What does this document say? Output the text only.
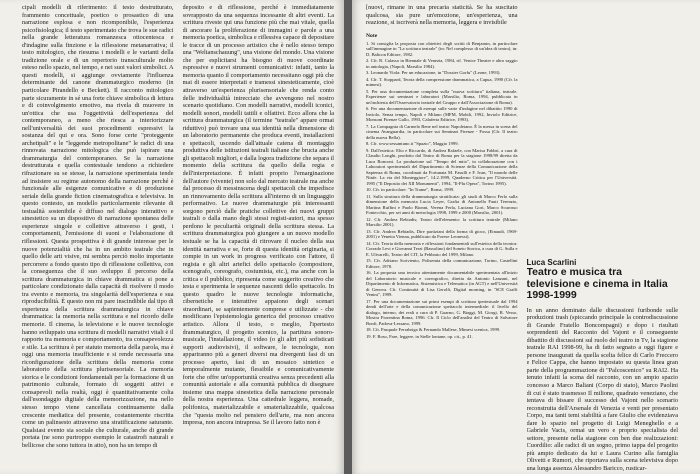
cipali modelli di riferimento: il testo destrutturato, frammento concettuale, poetico o prosastico di una narrazione esplosa e non ricomponibile, l'esperienza psicofisiologica; il testo sperimentato che trova le sue radici nella grande letteratura romanzesca ottocentesca e d'indagine sulla finzione e la riflessione metanarrativa; il testo mitologico, che riesuma i modelli e le varianti della tradizione orale e di un repertorio transculturale molto esteso nello spazio, nel tempo, e nei suoi valori simbolici. A questi modelli, si aggiunge ovviamente l'influenza determinante del canone drammaturgico moderno (in particolare Pirandello e Beckett). Il racconto mitologico parte sicuramente in sé una forte chiave simbolica di lettura e di coinvolgimento emotivo, ma rivela di muovere in un'ottica che usa l'oggettività dell'esperienza del contemporaneo, a meno che riesca a interiorizzare nell'universalità dei suoi procedimenti espressivi la sostanza del qui e ora. Sono forse certe "proteggente archetipali" e le "leggende metropolitane" le radici di una rinnovata narrazione mitologica che può ispirare una drammaturgia del contemporaneo. Se la narrazione destrutturata e quella contestuale tendono a richiedere rifrazionare su se stesse, la narrazione sperimentata tende ad insistere su regime autonomo della narrazione perché è funzionale alle esigenze comunicative e di produzione seriale della grande fiction cinematografica e televisiva. In questo contesto, un modello particolarmente rilevante di testualità sostenibile è diffuso nel dialogo interattivo e sinestetico su un dispositivo di narrazione spontanea delle esperienze singole e collettive attraverso i gesti, i comportamenti, l'emissione di suoni e l'elaborazione di riflessioni. Questa prospettiva è di grande interesse per le nuove potenzialità che ha in un ambito teatrale che in quello delle arti visive, mi sembra perciò molto importante percorrere a fondo questo tipo di riflessione collettiva, con la conseguenza che il suo sviluppo il percorso della scrittura drammaturgica in chiave drammatica si pone a particolare condizionato dalla capacità di risolvere il modo tra evento e memoria, tra singolarità dell'esperienza e sua riproducibilità. È questo non mi pare inscindibile dal tipo di esperienza della scrittura drammaturgica in chiave drammatica: la memoria nella scrittura e nel ricordo delle memorie. Il cinema, la televisione e le nuove tecnologie hanno sviluppato una scrittura di modelli narrativi vitali è il rapporto tra memoria e comportamento, tra consapevolezza e stile. La scrittura è per statuto memoria della parola, ma è oggi una memoria insufficiente e si rende necessaria una riconfigurazione della scrittura della memoria come laboratorio della scrittura plurisensoriale. La memoria storica e le condizioni fondamentali per la formazione di un patrimonio culturale, formato di soggetti attivi e consapevoli nella realtà, oggi è quantitativamente colta dall'esondaggio digitale della memorizzazione, ma nello stesso tempo viene cancellata continuamente dalla crescente mediatica del presente, costantemente riscritta come un palinsesto attraverso una stratificazione saturante. Qualsiasi evento sia sociale che culturale, anche di grande portata (ne sono purtroppo esempio le catastrofi naturali e bellicose che sono tuttora in atto), non ha un tempo di

deposito e di riflessione, perché è immediatamente sovrapposto da una sequenza incessante di altri eventi. La scrittura riveste qui una funzione più che mai vitale, quella di ancorare la proliferazione di immagini e parole a una memoria poetica, simbolica e riflessiva capace di depositare le tracce di un processo artistico che è nello stesso tempo una "Weltanschauung", una visione del mondo. Una visione che per esplicitarsi ha bisogno di nuove coordinate espressive e nuovi strumenti comunicativi: infatti, tanto la memoria quanto il comportamento necessitano oggi più che mai di essere interpretati e tramessi sinesteticamente, cioè attraverso un'esperienza plurisensoriale che renda conto delle individualità intrecciate che avvengono nel nostro scenario quotidiano. Con modelli narrativi, modelli iconici, modelli sonori, modelli tattili e olfattivi. Ecco allora che la scrittura drammaturgica (il termine "teatrale" appare ormai riduttivo) può trovare una sua identità nella dimensione di un laboratorio permanente che produca eventi, installazioni e spettacoli, uscendo dall'attuale catena di montaggio produttiva delle istituzioni teatrali italiane che brucia anche gli spettacoli migliori, e dalla logora tradizione che separa il momento della scrittura da quello della regia e dell'interpretazione. È infatti proprio l'emarginazione dell'autore (vivente) non solo dal mercato teatrale ma anche dal processo di messinscena degli spettacoli che impedisce un rinnovamento della scrittura all'interno di un linguaggio performativo. Le nuove drammaturgie più interessanti sorgono perciò dalle pratiche collettive dei nuovi gruppi teatrali o dalla mano degli stessi registi-autori, ma spesso perdono le peculiarità originali della scrittura stessa. La scrittura drammaturgica può giungere a un nuovo modello testuale se ha la capacità di ritrovare il nucleo della sua identità narrativa e se, forte di questa identità originaria, si compie in un work in progress verificato con l'attore, il regista e gli altri artefici dello spettacolo (compositore, scenografo, coreografo, costumista, etc.), ma anche con la critica e il pubblico, ripresenta come suggerito creativo che testa e sperimenta le sequenze nascenti dello spettacolo. In questo quadro le nuove tecnologie informatiche, cibernetiche e interattive appaiono degli scenari straordinari, se sapientemente comprese e utilizzate - che modificano l'epistemologia generica del processo creativo artistico. Allora il testo, o meglio, l'ipertesto drammaturgico, il progetto scenico, la partitura sonoro-musicale, l'installazione, il video (o gli altri più sofisticati supporti audiovisivi), il software, le tecnologie, non appariranno più a generi diversi ma divergenti fasi di un processo aperto, fasi di un mosaico sintetico e temporalmente mutante, flessibile e comunicativamente forte che offre un'opportunità creativa senza precedenti alla comunità autoriale e alla comunità pubblica di disegnare insieme una mappa sinestetica della narrazione personale della nostra esperienza. Una cattedrale leggera, nomade, polifonica, materializzabile e smaterializzabile, qualcosa che "questa molto nel pensiero dell'arte, ma non ancora impresa, non ancora intrapresa. Se il lavoro fatto non è

[nuovi, rimane in una precaria staticità. Se ha suscitato qualcosa, sia pure un'emozione, un'esperienza, una reazione, si iscriverà nella memoria, leggera e invisibile

Note

1. Si consiglia la proposta con obiettivi degli scritti di Benjamin, in particolare sull'immagine in "La scrittura teatrale" (in: Nel complesso di un'idea di teatro), in: D. Baltcon Editore, 1982.

2. Cfr. R. Calasso in Biennale di Venezia, 1984, rif. Venice Theater e altro saggio in antologia, (Napoli, Marsilio 1984).

3. Leonardo Viola: Per un educazione, in "Dossier Gorfu" (Leone, 1993).

4. Cfr. T. Stoppard, Teoria della compressione drammatica, a Capua, 1990 (Cfr. la mimesi).

5. Per una documentazione completa sulla "nuova scrittura" italiana, teatrale. Esperienze sui seminari e laboratori (Marsilio, Roma, 1994, pubblicata in un'inchiesta dell'Osservatorio teatrale del Gruppo e dall'Associazione di Roma).

6. Per una documentazione di esempi sulle varie d'indagine nel dibattito 1990 di Inviolo, Senza tempo, Napoli e Milano (MFM, Mobili, 1992, Inviolo Editrice, Monsoni Firenze Gallo, 1993, Calaferia Editrice, 1993).

7. La Compagnia di Carmelo Bene nel teatro Napoletano. È la messa in scena del cinema Avanguardia, in particolare sui Seminari Firenze - Fossa (Cfr. Il teatro della nuova Bella).

8. Cfr. www.sessantuno.it "Spazio", Maggio 1999.

9. Dall'estetica: Elio e Riccardo, di Andrea Rafaele, con Marisa Fabbri, a cura di Claudio Longhi, prodotto dal Teatro di Roma per la stagione 1998/99 diretta da Luca Ronconi. La produzione sul "Tempo del mito", in collaborazione con i Laboratori sperimentali del Dipartimento di Scienze della Comunicazione della Sapienza di Roma, coordinati da Fortunata M. Fasulli e F. Ivan, "Il mondo delle Ninfe. La via del Monteggiore", 14.2.1999, Quaderno Critica per l'Università. 1995 ("Il Deposito dei XII Monumenti", 1994, "Il-Plu Opera", Torino 1995).

10. Cfr. in particolare: "In Trame", Roma, 1999.

11. Sulla struttura della drammaturgia stratificata: gli studi di Marco Ferlo sulla dimensione della memoria Lucia Leyer, Grafia di Antonella Fauti Terenzio, Martina Ruffini e Paolo Bionni, Verena Ferla, Luciana Gori, Marco Scurosso Fontecchio, per sei anni di metrologia 1998, 1999 e 2000 (Marsilio, 2001).

12. Cfr. Andrea Rebiadis; Teatro dell'elemento: la scrittura teatrale (Milano Marsilio 2001).

13. Cfr. Andrea Rebiadis, Dire partiziani della forma di gioco, (Einaudi, 1969-2001) e Venetia Vienna, pubblicato da Forese Leonessi).

14. Cfr. Teoria della memoria e riflessioni fondamentali sull'estetica della tecnica: Corrado Levi e Giovanni Terzi (Bassolino) del Soneto Storica, a cura di G. Sulla e E. Ulivarelli, Teatro del CIT, la Febbraio del 1999, Milano.

15. Cfr. Adriano Scriviento, Polisemia della comunicazione, Torino, Castellini Editore, 1978.

16. La proposta una tecnica attentamente documentabile sperimentata all'inizio del Laboratorio musicale e coreografico, diretta da Antonio Lanzani, nel Dipartimento di Informatica, Sistemistica e Telematica (in AGT) e nell'Università di Genova. Cfr. Continuità di Lisa Gerolfi, Digital morning, in "SCE Graffi Venini", 1999.

17. Per una documentazione sui primi esempi di scrittura ipertestuale dal 1994 dendi dell'arte e della comunicazione spettacolo intermediale: il livello del dialogo, interno, dei reali a cura di P. Guarno, G. Biaggi, M. Giorgi, R. Vesso, Mostra Fiorentina Roma, 1996. Cfr. Il Ciclo dell'analisi del Teatro di Salvatore Bonfi, Padova-Lessano, 1999.

18. Cfr. Pasquale Ferrabriga & Fernando Mallese, Mimesi scenica, 1999.

19. F. Boso, Fare, leggere, in Stelle lontane, op. cit., p. 41.

Luca Scarlini
Teatro e musica tra televisione e cinema in Italia 1998-1999

In un anno dominato dalle discussioni furibonde sulle produzioni trash (spiccando principale la controdiscussione di Grande Fratello Boncompagni) e dopo i risultati sorprendenti del Racconto del Vajont e il conseguente dibattito di discussioni sul ruolo del teatro in Tv, la stagione teatrale RAI 1998-99, ha di fatto segnato a oggi figure e persone inaugurati da quella scelta felice di Carlo Freccero e Felice Cappa, che hanno impostato su questa linea gran parte della programmazione di "Palcoscenico" su RAI2. Ha tenuto infatti la scena del racconto, con un ampio spazio concesso a Marco Baliani (Corpo di stato), Marco Paolini di cui è stato trasmesso Il milione, quadrato veneziano, che tentava di bissare il successo del Vajont nello scenario reconstruita dell'Arsenale di Venezia e venti per presentato Corpo, ma tanti temi stabilità a fare Giulio che evidenziava dare lo spazio nel progetto di Luigi Meneghello e a Gabriele Vacis, ormai un vero e proprio specialista del settore, presente nella stagione con ben due realizzazioni: Cuordilio: alle radici di un sogno, primo tappa del progetto più ampio dedicato da lui e Laura Curino alla famiglia Olivetti e Rumori, che riportava sulla scena televisiva dopo una lunga assenza Alessandro Baricco, rusticar-
